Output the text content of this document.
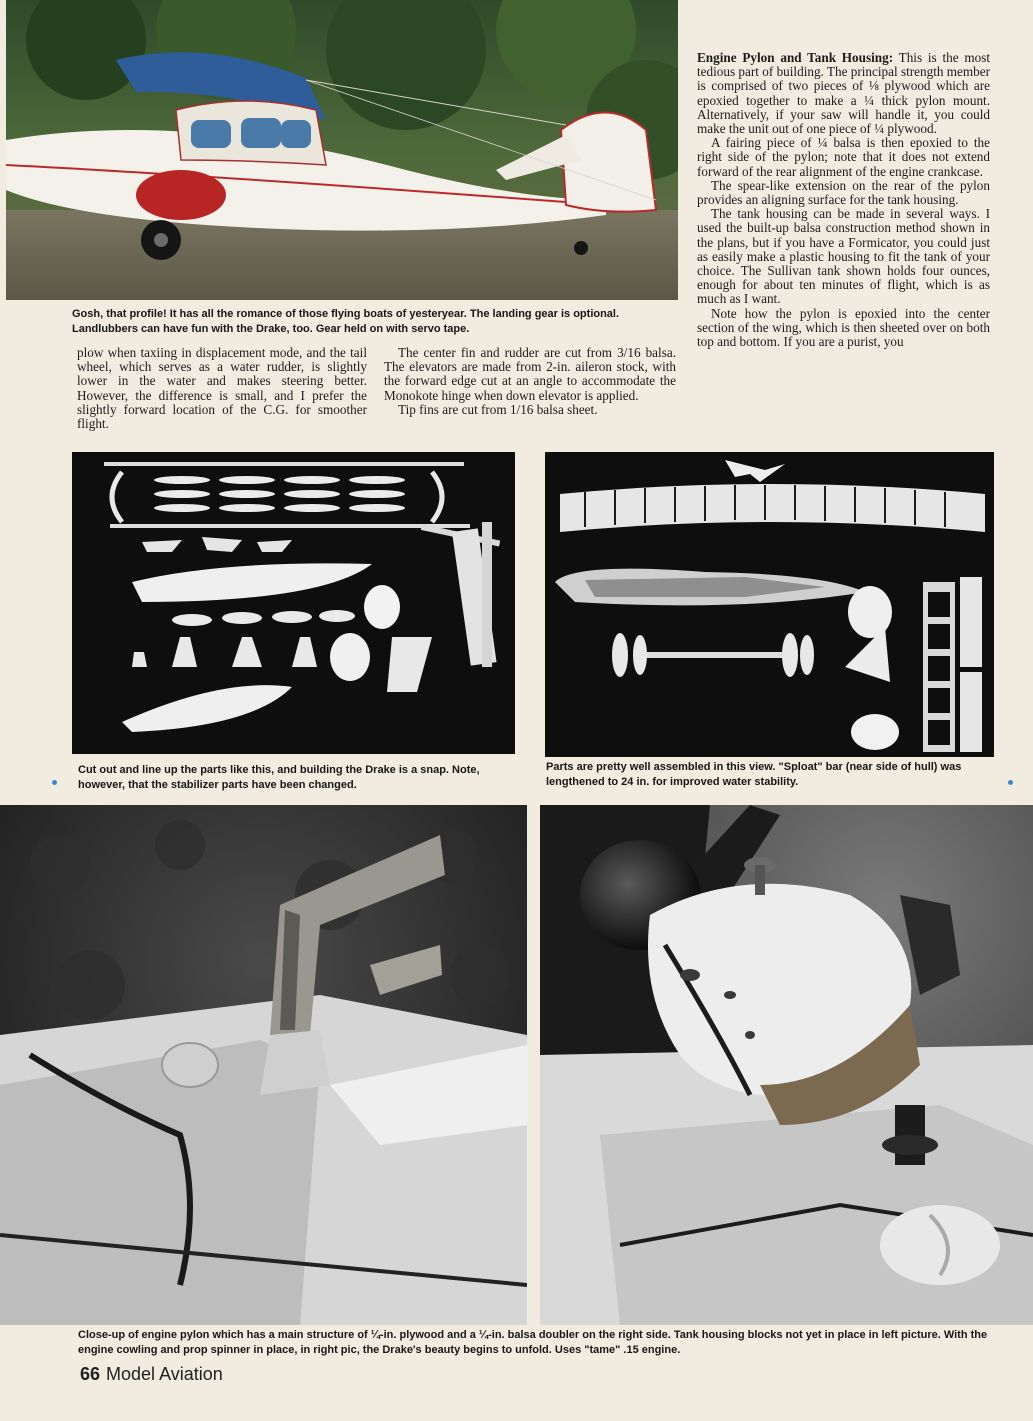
Gosh, that profile! It has all the romance of those flying boats of yesteryear. The landing gear is optional. Landlubbers can have fun with the Drake, too. Gear held on with servo tape.

Engine Pylon and Tank Housing: This is the most tedious part of building. The principal strength member is comprised of two pieces of ⅛ plywood which are epoxied together to make a ¼ thick pylon mount. Alternatively, if your saw will handle it, you could make the unit out of one piece of ¼ plywood.

A fairing piece of ¼ balsa is then epoxied to the right side of the pylon; note that it does not extend forward of the rear alignment of the engine crankcase.

The spear-like extension on the rear of the pylon provides an aligning surface for the tank housing.

The tank housing can be made in several ways. I used the built-up balsa construction method shown in the plans, but if you have a Formicator, you could just as easily make a plastic housing to fit the tank of your choice. The Sullivan tank shown holds four ounces, enough for about ten minutes of flight, which is as much as I want.

Note how the pylon is epoxied into the center section of the wing, which is then sheeted over on both top and bottom. If you are a purist, you

plow when taxiing in displacement mode, and the tail wheel, which serves as a water rudder, is slightly lower in the water and makes steering better. However, the difference is small, and I prefer the slightly forward location of the C.G. for smoother flight.

The center fin and rudder are cut from 3/16 balsa. The elevators are made from 2-in. aileron stock, with the forward edge cut at an angle to accommodate the Monokote hinge when down elevator is applied.

Tip fins are cut from 1/16 balsa sheet.

Cut out and line up the parts like this, and building the Drake is a snap. Note, however, that the stabilizer parts have been changed.
Parts are pretty well assembled in this view. "Sploat" bar (near side of hull) was lengthened to 24 in. for improved water stability.
Close-up of engine pylon which has a main structure of ¼-in. plywood and a ¼-in. balsa doubler on the right side. Tank housing blocks not yet in place in left picture. With the engine cowling and prop spinner in place, in right pic, the Drake's beauty begins to unfold. Uses "tame" .15 engine.
66 Model Aviation
